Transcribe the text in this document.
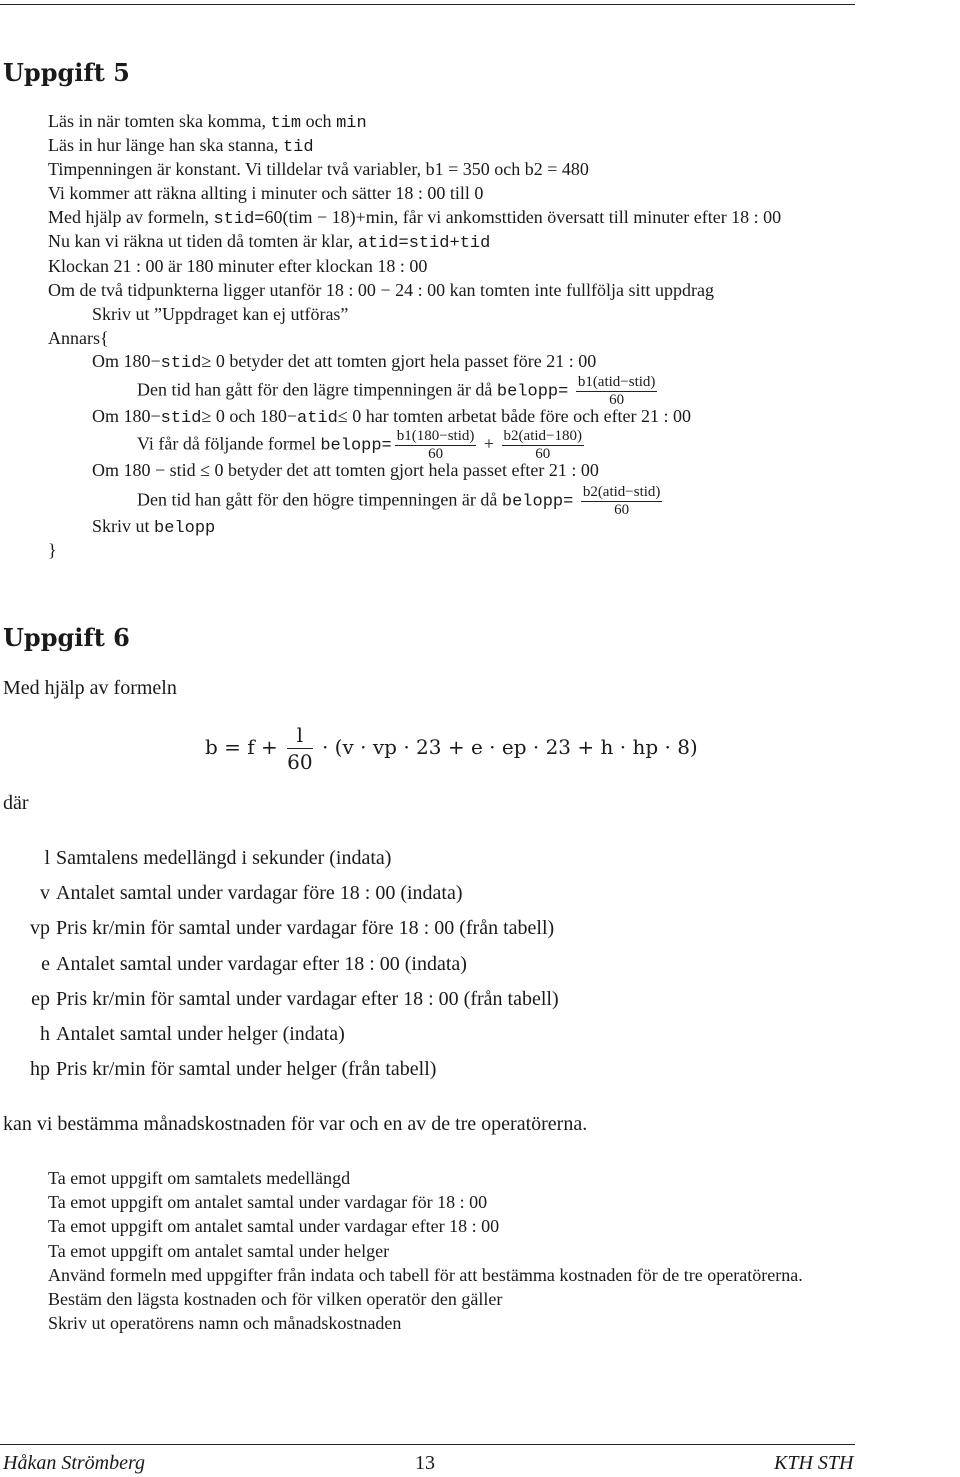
Uppgift 5
Läs in när tomten ska komma, tim och min
Läs in hur länge han ska stanna, tid
Timpenningen är konstant. Vi tilldelar två variabler, b1 = 350 och b2 = 480
Vi kommer att räkna allting i minuter och sätter 18 : 00 till 0
Med hjälp av formeln, stid=60(tim − 18)+min, får vi ankomsttiden översatt till minuter efter 18 : 00
Nu kan vi räkna ut tiden då tomten är klar, atid=stid+tid
Klockan 21 : 00 är 180 minuter efter klockan 18 : 00
Om de två tidpunkterna ligger utanför 18 : 00 − 24 : 00 kan tomten inte fullfölja sitt uppdrag
Skriv ut ”Uppdraget kan ej utföras”
Annars{
Om 180−stid≥ 0 betyder det att tomten gjort hela passet före 21 : 00
Den tid han gått för den lägre timpenningen är då belopp=
b1(atid−stid)
60
Om 180−stid≥ 0 och 180−atid≤ 0 har tomten arbetat både före och efter 21 : 00
Vi får då följande formel belopp=
b1(180−stid)
60
+ b2(atid−180)
60
Om 180 − stid ≤ 0 betyder det att tomten gjort hela passet efter 21 : 00
Den tid han gått för den högre timpenningen är då belopp=
b2(atid−stid)
60
Skriv ut belopp
}
Uppgift 6
Med hjälp av formeln
$b = f + \frac{l}{60} \cdot (v$ · vp · 23 + e · ep · 23 + h · hp · 8)
där
l Samtalens medellängd i sekunder (indata)
v Antalet samtal under vardagar före 18 : 00 (indata)
vp Pris kr/min för samtal under vardagar före 18 : 00 (från tabell)
e Antalet samtal under vardagar efter 18 : 00 (indata)
ep Pris kr/min för samtal under vardagar efter 18 : 00 (från tabell)
h Antalet samtal under helger (indata)
hp Pris kr/min för samtal under helger (från tabell)
kan vi bestämma månadskostnaden för var och en av de tre operatörerna.
Ta emot uppgift om samtalets medellängd
Ta emot uppgift om antalet samtal under vardagar för 18 : 00
Ta emot uppgift om antalet samtal under vardagar efter 18 : 00
Ta emot uppgift om antalet samtal under helger
Använd formeln med uppgifter från indata och tabell för att bestämma kostnaden för de tre operatörerna.
Bestäm den lägsta kostnaden och för vilken operatör den gäller
Skriv ut operatörens namn och månadskostnaden
Håkan Strömberg	13	KTH STH
